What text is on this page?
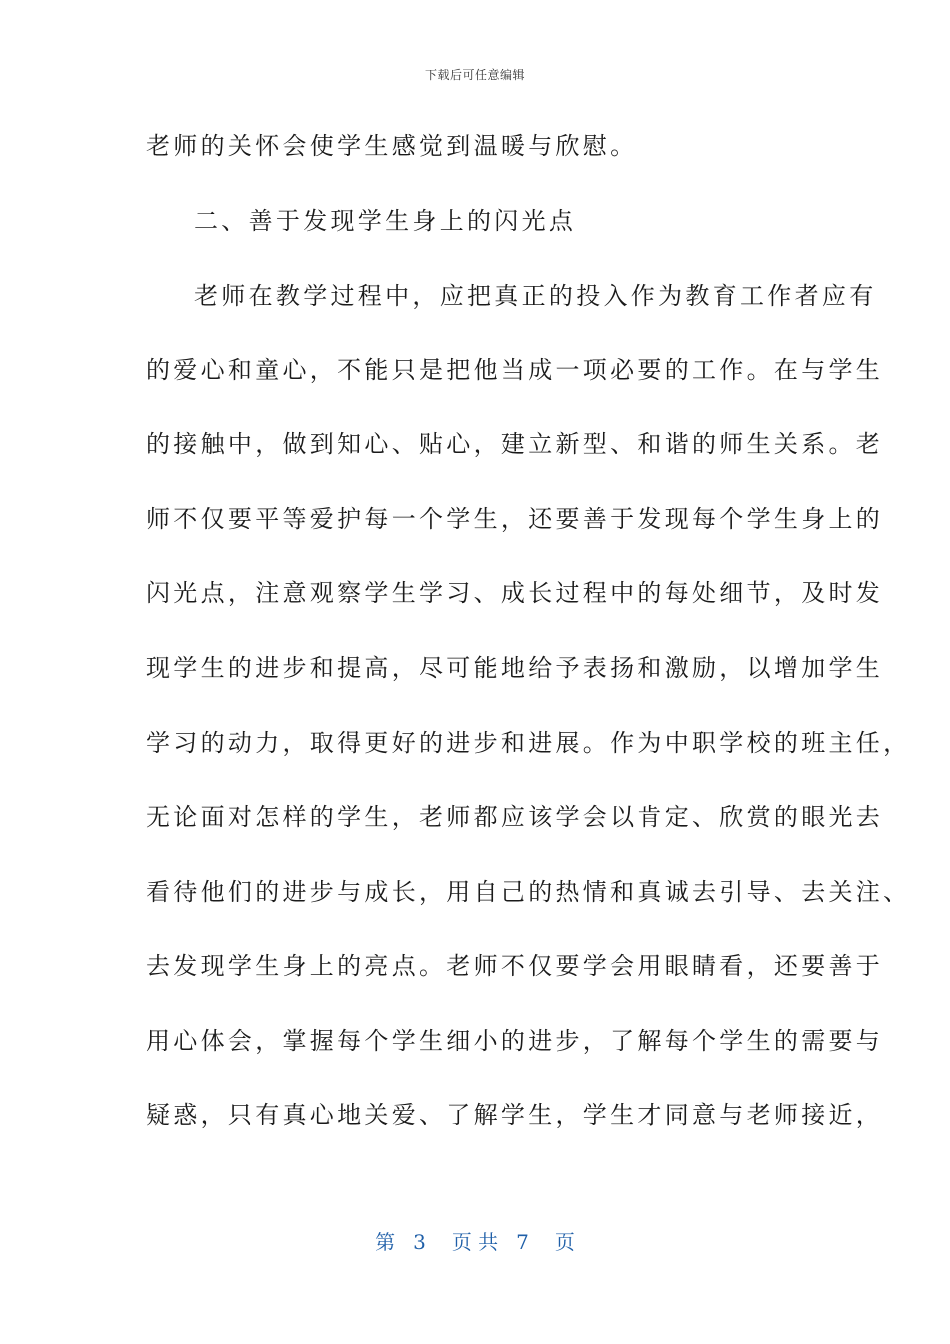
下载后可任意编辑
老师的关怀会使学生感觉到温暖与欣慰。
二、善于发现学生身上的闪光点
老师在教学过程中，应把真正的投入作为教育工作者应有
的爱心和童心，不能只是把他当成一项必要的工作。在与学生
的接触中，做到知心、贴心，建立新型、和谐的师生关系。老
师不仅要平等爱护每一个学生，还要善于发现每个学生身上的
闪光点，注意观察学生学习、成长过程中的每处细节，及时发
现学生的进步和提高，尽可能地给予表扬和激励，以增加学生
学习的动力，取得更好的进步和进展。作为中职学校的班主任，
无论面对怎样的学生，老师都应该学会以肯定、欣赏的眼光去
看待他们的进步与成长，用自己的热情和真诚去引导、去关注、
去发现学生身上的亮点。老师不仅要学会用眼睛看，还要善于
用心体会，掌握每个学生细小的进步，了解每个学生的需要与
疑惑，只有真心地关爱、了解学生，学生才同意与老师接近，
第 3 页 共 7 页
